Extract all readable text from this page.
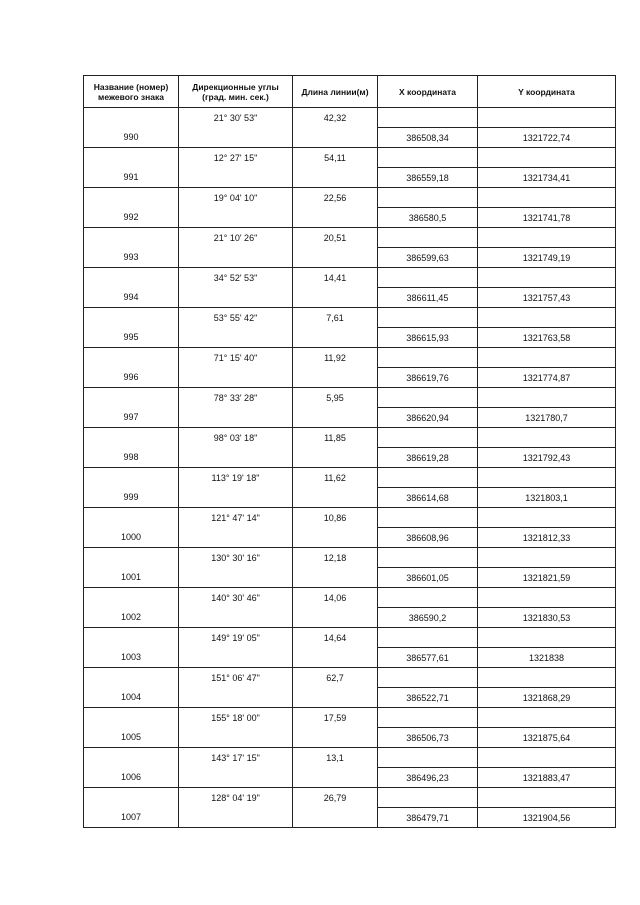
Название (номер) межевого знака	Дирекционные углы (град. мин. сек.)	Длина линии(м)	X координата	Y координата
	21° 30' 53"	42,32		
990			386508,34	1321722,74
	12° 27' 15"	54,11		
991			386559,18	1321734,41
	19° 04' 10"	22,56		
992			386580,5	1321741,78
	21° 10' 26"	20,51		
993			386599,63	1321749,19
	34° 52' 53"	14,41		
994			386611,45	1321757,43
	53° 55' 42"	7,61		
995			386615,93	1321763,58
	71° 15' 40"	11,92		
996			386619,76	1321774,87
	78° 33' 28"	5,95		
997			386620,94	1321780,7
	98° 03' 18"	11,85		
998			386619,28	1321792,43
	113° 19' 18"	11,62		
999			386614,68	1321803,1
	121° 47' 14"	10,86		
1000			386608,96	1321812,33
	130° 30' 16"	12,18		
1001			386601,05	1321821,59
	140° 30' 46"	14,06		
1002			386590,2	1321830,53
	149° 19' 05"	14,64		
1003			386577,61	1321838
	151° 06' 47"	62,7		
1004			386522,71	1321868,29
	155° 18' 00"	17,59		
1005			386506,73	1321875,64
	143° 17' 15"	13,1		
1006			386496,23	1321883,47
	128° 04' 19"	26,79		
1007			386479,71	1321904,56
